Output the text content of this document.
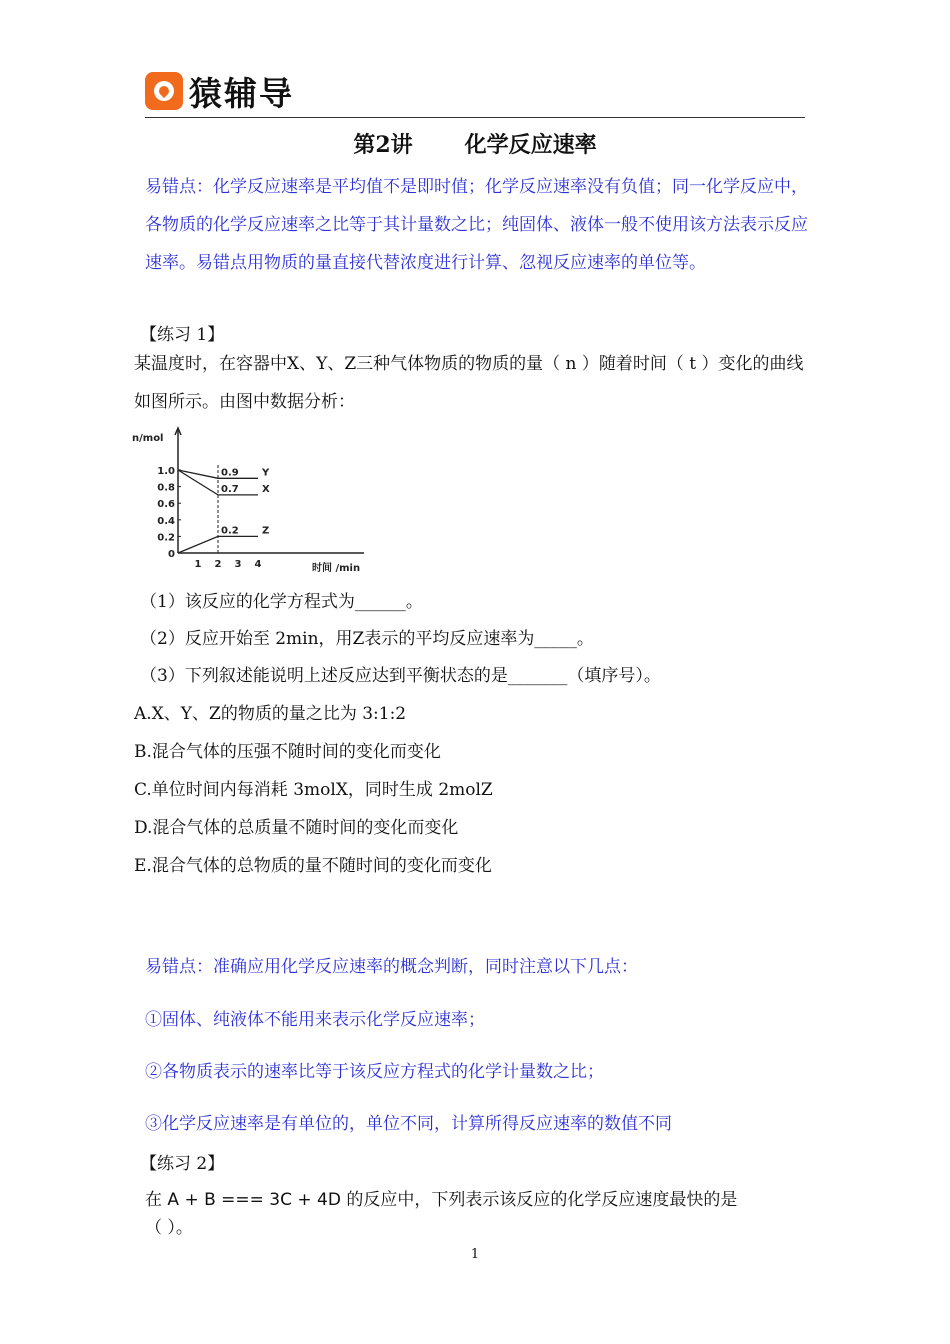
猿辅导
第2讲 化学反应速率
易错点：化学反应速率是平均值不是即时值；化学反应速率没有负值；同一化学反应中，各物质的化学反应速率之比等于其计量数之比；纯固体、液体一般不使用该方法表示反应速率。易错点用物质的量直接代替浓度进行计算、忽视反应速率的单位等。
【练习 1】
某温度时，在容器中X、Y、Z三种气体物质的物质的量（ n ）随着时间（ t ）变化的曲线如图所示。由图中数据分析：
n/mol
时间 /min
1.0
0.8
0.6
0.4
0.2
0
1 2 3 4
0.9 Y
0.7 X
0.2 Z
（1）该反应的化学方程式为______。
（2）反应开始至 2min，用Z表示的平均反应速率为_____。
（3）下列叙述能说明上述反应达到平衡状态的是_______（填序号）。
A.X、Y、Z的物质的量之比为 3:1:2
B.混合气体的压强不随时间的变化而变化
C.单位时间内每消耗 3molX，同时生成 2molZ
D.混合气体的总质量不随时间的变化而变化
E.混合气体的总物质的量不随时间的变化而变化
易错点：准确应用化学反应速率的概念判断，同时注意以下几点：
①固体、纯液体不能用来表示化学反应速率；
②各物质表示的速率比等于该反应方程式的化学计量数之比；
③化学反应速率是有单位的，单位不同，计算所得反应速率的数值不同
【练习 2】
在 A + B === 3C + 4D 的反应中，下列表示该反应的化学反应速度最快的是
（ ）。
1
